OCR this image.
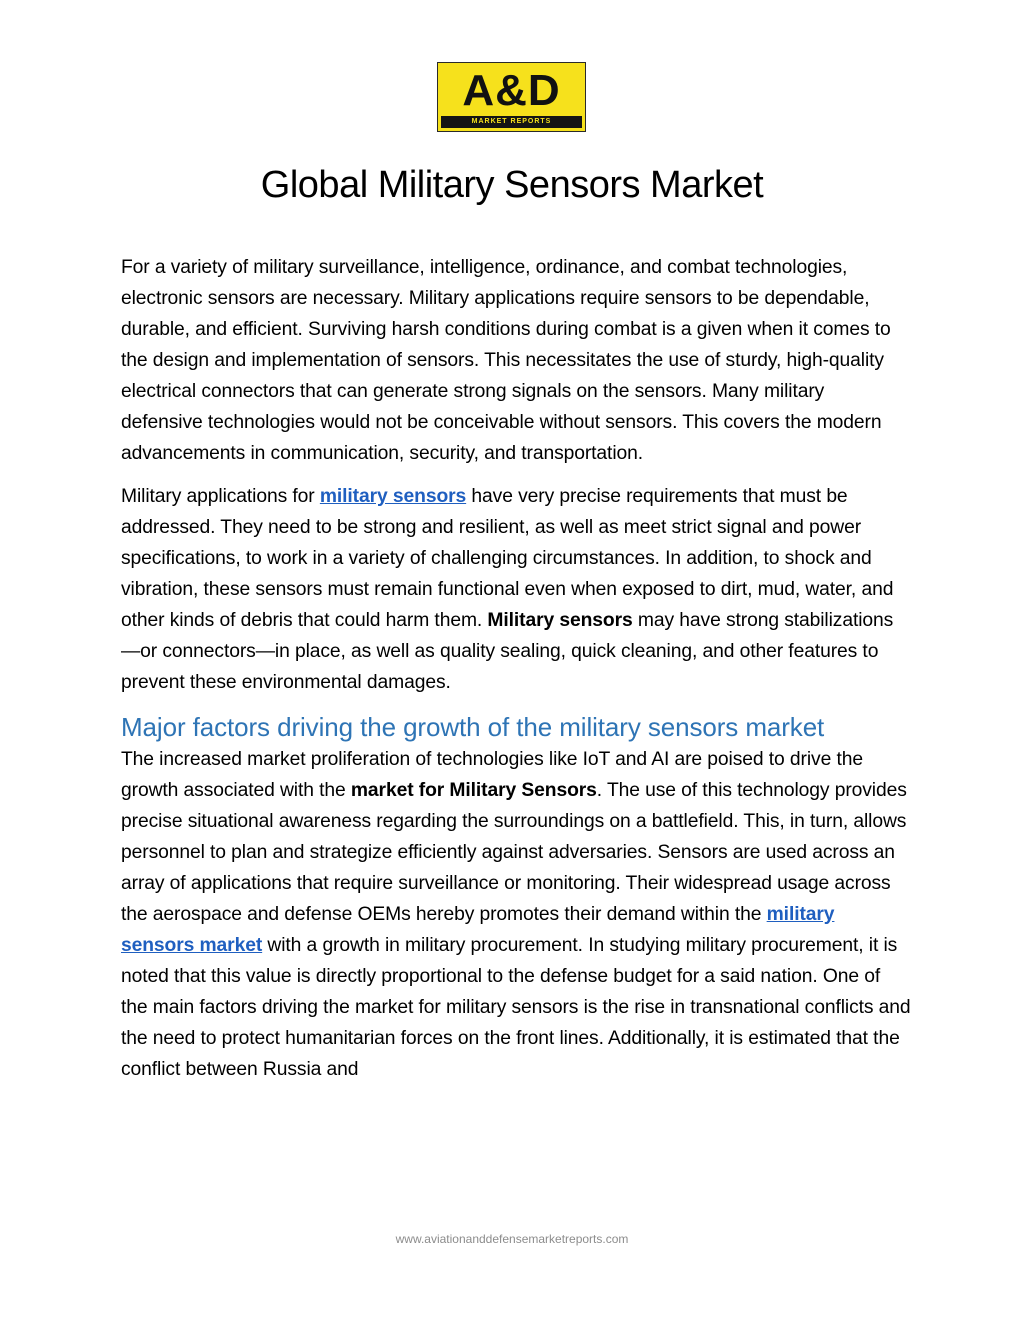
A&D
MARKET REPORTS
Global Military Sensors Market

For a variety of military surveillance, intelligence, ordinance, and combat technologies, electronic sensors are necessary. Military applications require sensors to be dependable, durable, and efficient. Surviving harsh conditions during combat is a given when it comes to the design and implementation of sensors. This necessitates the use of sturdy, high-quality electrical connectors that can generate strong signals on the sensors. Many military defensive technologies would not be conceivable without sensors. This covers the modern advancements in communication, security, and transportation.

Military applications for military sensors have very precise requirements that must be addressed. They need to be strong and resilient, as well as meet strict signal and power specifications, to work in a variety of challenging circumstances. In addition, to shock and vibration, these sensors must remain functional even when exposed to dirt, mud, water, and other kinds of debris that could harm them. Military sensors may have strong stabilizations—or connectors—in place, as well as quality sealing, quick cleaning, and other features to prevent these environmental damages.

Major factors driving the growth of the military sensors market

The increased market proliferation of technologies like IoT and AI are poised to drive the growth associated with the market for Military Sensors. The use of this technology provides precise situational awareness regarding the surroundings on a battlefield. This, in turn, allows personnel to plan and strategize efficiently against adversaries. Sensors are used across an array of applications that require surveillance or monitoring. Their widespread usage across the aerospace and defense OEMs hereby promotes their demand within the military sensors market with a growth in military procurement. In studying military procurement, it is noted that this value is directly proportional to the defense budget for a said nation. One of the main factors driving the market for military sensors is the rise in transnational conflicts and the need to protect humanitarian forces on the front lines. Additionally, it is estimated that the conflict between Russia and

www.aviationanddefensemarketreports.com
